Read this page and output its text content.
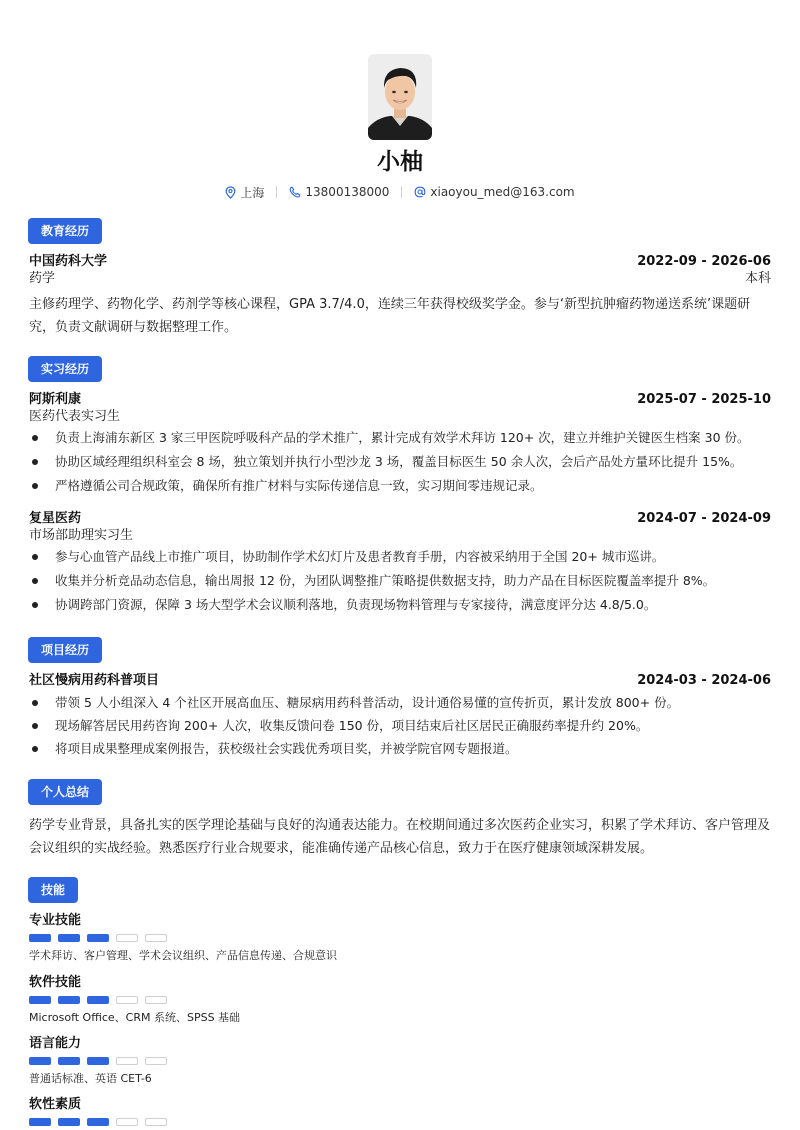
小柚
上海	13800138000	xiaoyou_med@163.com
教育经历
中国药科大学	2022-09 - 2026-06
药学	本科
主修药理学、药物化学、药剂学等核心课程，GPA 3.7/4.0，连续三年获得校级奖学金。参与‘新型抗肿瘤药物递送系统’课题研究，负责文献调研与数据整理工作。
实习经历
阿斯利康	2025-07 - 2025-10
医药代表实习生
负责上海浦东新区 3 家三甲医院呼吸科产品的学术推广，累计完成有效学术拜访 120+ 次，建立并维护关键医生档案 30 份。
协助区域经理组织科室会 8 场，独立策划并执行小型沙龙 3 场，覆盖目标医生 50 余人次，会后产品处方量环比提升 15%。
严格遵循公司合规政策，确保所有推广材料与实际传递信息一致，实习期间零违规记录。
复星医药	2024-07 - 2024-09
市场部助理实习生
参与心血管产品线上市推广项目，协助制作学术幻灯片及患者教育手册，内容被采纳用于全国 20+ 城市巡讲。
收集并分析竞品动态信息，输出周报 12 份，为团队调整推广策略提供数据支持，助力产品在目标医院覆盖率提升 8%。
协调跨部门资源，保障 3 场大型学术会议顺利落地，负责现场物料管理与专家接待，满意度评分达 4.8/5.0。
项目经历
社区慢病用药科普项目	2024-03 - 2024-06
带领 5 人小组深入 4 个社区开展高血压、糖尿病用药科普活动，设计通俗易懂的宣传折页，累计发放 800+ 份。
现场解答居民用药咨询 200+ 人次，收集反馈问卷 150 份，项目结束后社区居民正确服药率提升约 20%。
将项目成果整理成案例报告，获校级社会实践优秀项目奖，并被学院官网专题报道。
个人总结
药学专业背景，具备扎实的医学理论基础与良好的沟通表达能力。在校期间通过多次医药企业实习，积累了学术拜访、客户管理及会议组织的实战经验。熟悉医疗行业合规要求，能准确传递产品核心信息，致力于在医疗健康领域深耕发展。
技能
专业技能
学术拜访、客户管理、学术会议组织、产品信息传递、合规意识
软件技能
Microsoft Office、CRM 系统、SPSS 基础
语言能力
普通话标准、英语 CET-6
软性素质
